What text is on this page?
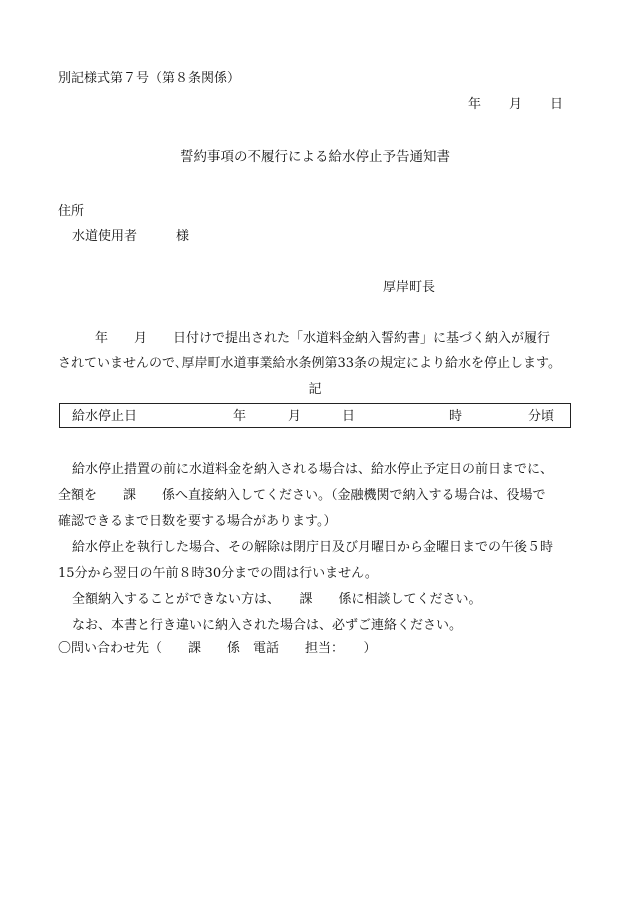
別記様式第７号（第８条関係）
年 月 日
誓約事項の不履行による給水停止予告通知書
住所
水道使用者　　　様
厚岸町長
年　　月　　日付けで提出された「水道料金納入誓約書」に基づく納入が履行
されていませんので､厚岸町水道事業給水条例第33条の規定により給水を停止します。
記
給水停止日	年	月	日	時	分頃
給水停止措置の前に水道料金を納入される場合は、給水停止予定日の前日までに、
全額を　　課　　係へ直接納入してください。（金融機関で納入する場合は、役場で
確認できるまで日数を要する場合があります。）
給水停止を執行した場合、その解除は閉庁日及び月曜日から金曜日までの午後５時
15分から翌日の午前８時30分までの間は行いません。
全額納入することができない方は、　　課　　係に相談してください。
なお、本書と行き違いに納入された場合は、必ずご連絡ください。
〇問い合わせ先（　　課　　係　電話　　担当：　　）
